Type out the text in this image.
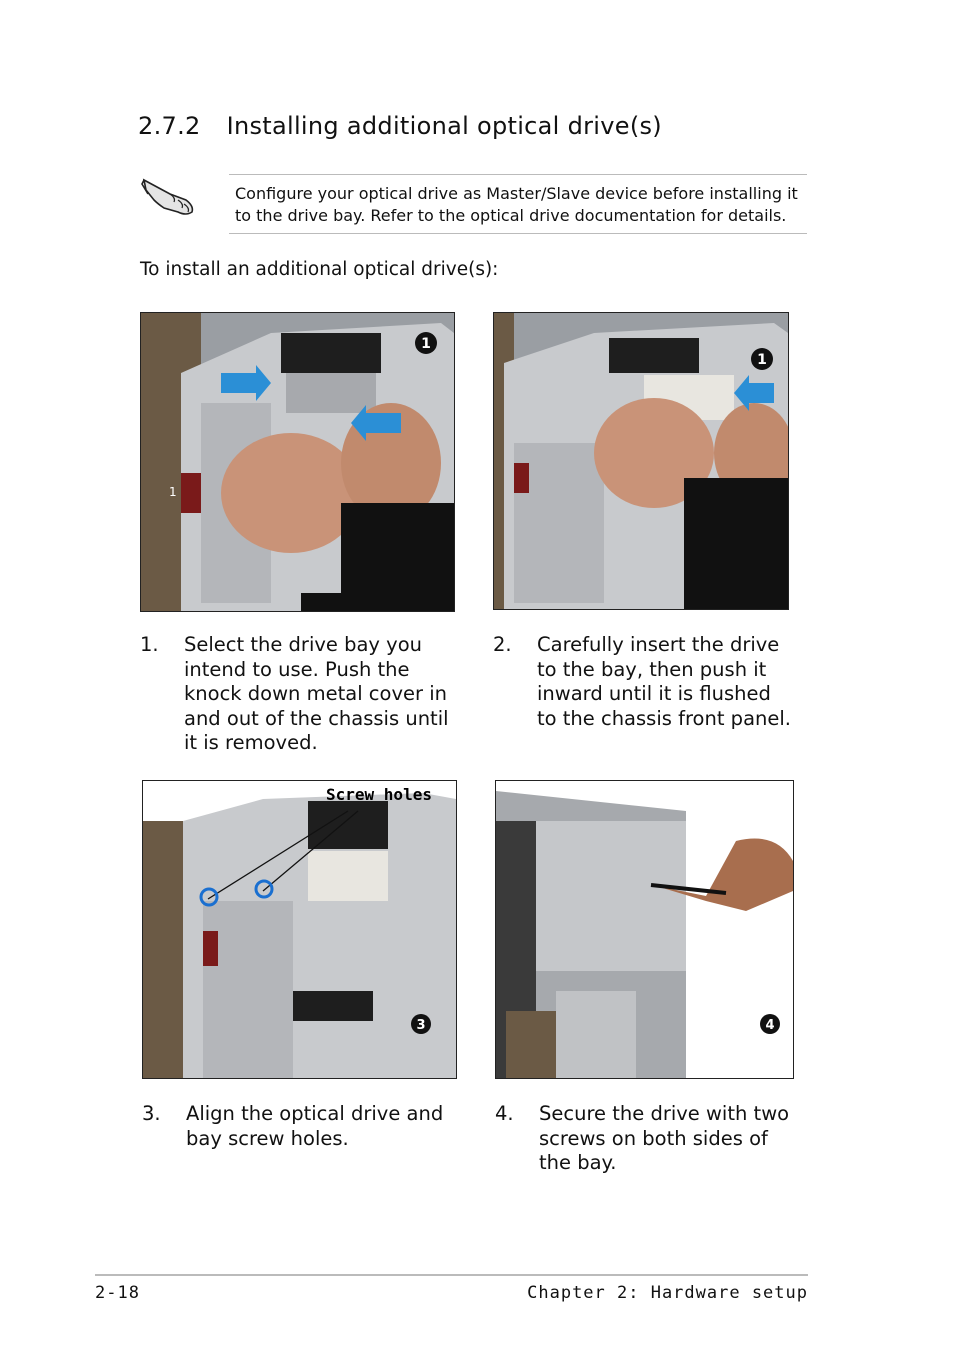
2.7.2 Installing additional optical drive(s)
Configure your optical drive as Master/Slave device before installing it to the drive bay. Refer to the optical drive documentation for details.
To install an additional optical drive(s):
1
1
1
1. Select the drive bay you intend to use. Push the knock down metal cover in and out of the chassis until it is removed.
2. Carefully insert the drive to the bay, then push it inward until it is flushed to the chassis front panel.
Screw holes
3	4
3. Align the optical drive and bay screw holes.
4. Secure the drive with two screws on both sides of the bay.
2-18	Chapter 2: Hardware setup
